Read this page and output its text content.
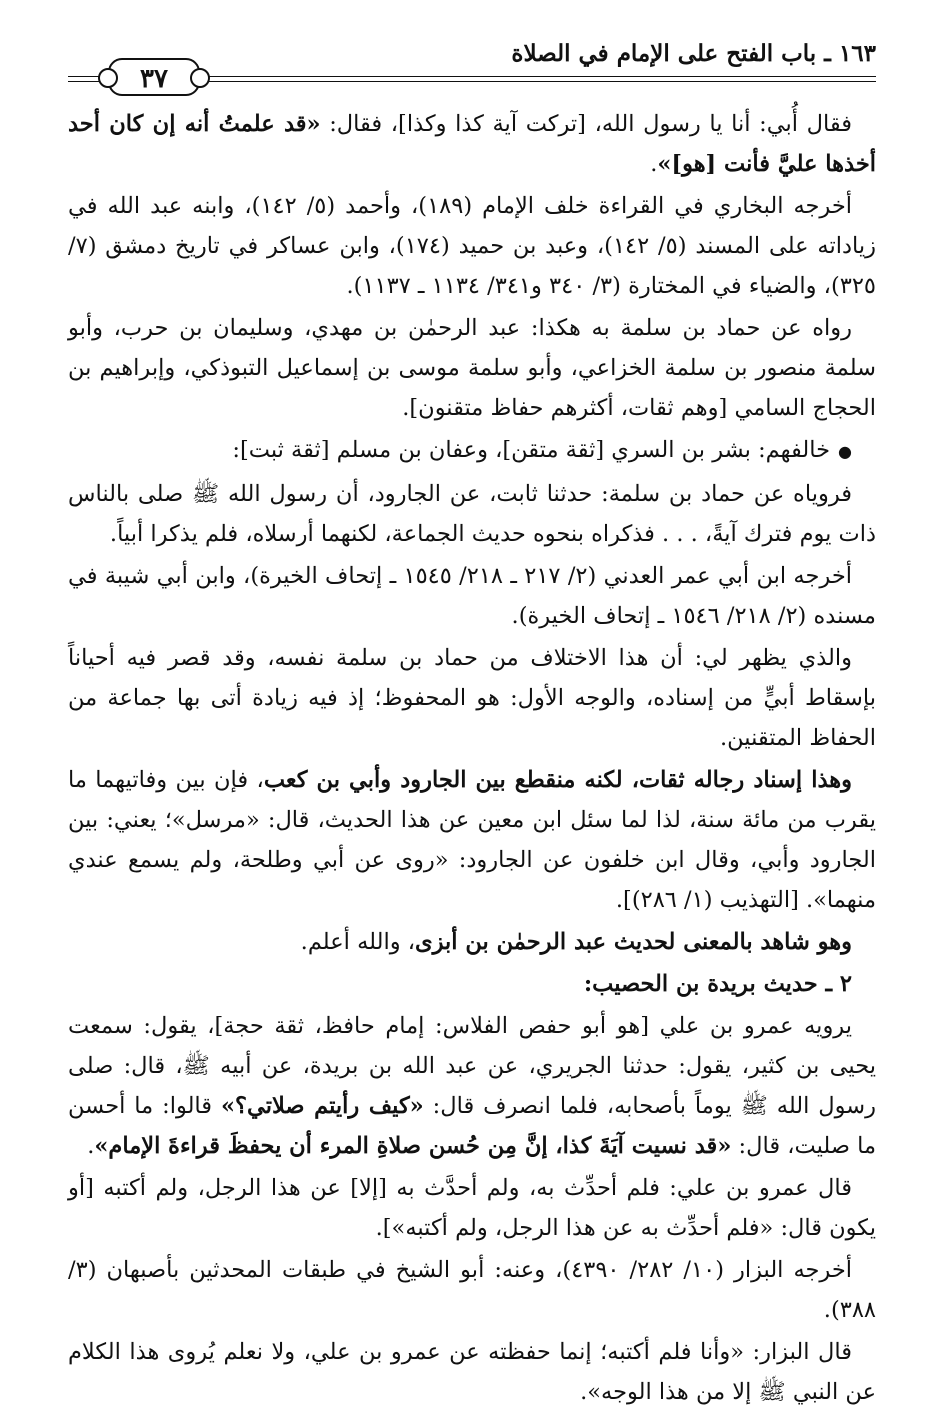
١٦٣ ـ باب الفتح على الإمام في الصلاة
٣٧

فقال أُبي: أنا يا رسول الله، [تركت آية كذا وكذا]، فقال: «قد علمتُ أنه إن كان أحد أخذها عليَّ فأنت [هو]».

أخرجه البخاري في القراءة خلف الإمام (١٨٩)، وأحمد (٥/ ١٤٢)، وابنه عبد الله في زياداته على المسند (٥/ ١٤٢)، وعبد بن حميد (١٧٤)، وابن عساكر في تاريخ دمشق (٧/ ٣٢٥)، والضياء في المختارة (٣/ ٣٤٠ و٣٤١/ ١١٣٤ ـ ١١٣٧).

رواه عن حماد بن سلمة به هكذا: عبد الرحمٰن بن مهدي، وسليمان بن حرب، وأبو سلمة منصور بن سلمة الخزاعي، وأبو سلمة موسى بن إسماعيل التبوذكي، وإبراهيم بن الحجاج السامي [وهم ثقات، أكثرهم حفاظ متقنون].

●خالفهم: بشر بن السري [ثقة متقن]، وعفان بن مسلم [ثقة ثبت]:

فروياه عن حماد بن سلمة: حدثنا ثابت، عن الجارود، أن رسول الله ﷺ صلى بالناس ذات يوم فترك آيةً، . . . فذكراه بنحوه حديث الجماعة، لكنهما أرسلاه، فلم يذكرا أبياً.

أخرجه ابن أبي عمر العدني (٢/ ٢١٧ ـ ٢١٨/ ١٥٤٥ ـ إتحاف الخيرة)، وابن أبي شيبة في مسنده (٢/ ٢١٨/ ١٥٤٦ ـ إتحاف الخيرة).

والذي يظهر لي: أن هذا الاختلاف من حماد بن سلمة نفسه، وقد قصر فيه أحياناً بإسقاط أبيٍّ من إسناده، والوجه الأول: هو المحفوظ؛ إذ فيه زيادة أتى بها جماعة من الحفاظ المتقنين.

وهذا إسناد رجاله ثقات، لكنه منقطع بين الجارود وأبي بن كعب، فإن بين وفاتيهما ما يقرب من مائة سنة، لذا لما سئل ابن معين عن هذا الحديث، قال: «مرسل»؛ يعني: بين الجارود وأبي، وقال ابن خلفون عن الجارود: «روى عن أبي وطلحة، ولم يسمع عندي منهما». [التهذيب (١/ ٢٨٦)].

وهو شاهد بالمعنى لحديث عبد الرحمٰن بن أبزى، والله أعلم.

٢ ـ حديث بريدة بن الحصيب:

يرويه عمرو بن علي [هو أبو حفص الفلاس: إمام حافظ، ثقة حجة]، يقول: سمعت يحيى بن كثير، يقول: حدثنا الجريري، عن عبد الله بن بريدة، عن أبيه ﷺ، قال: صلى رسول الله ﷺ يوماً بأصحابه، فلما انصرف قال: «كيف رأيتم صلاتي؟» قالوا: ما أحسن ما صليت، قال: «قد نسيت آيَةَ كذا، إنَّ مِن حُسن صلاةِ المرء أن يحفظَ قراءةَ الإمام».

قال عمرو بن علي: فلم أحدِّث به، ولم أحدَّث به [إلا] عن هذا الرجل، ولم أكتبه [أو يكون قال: «فلم أحدِّث به عن هذا الرجل، ولم أكتبه»].

أخرجه البزار (١٠/ ٢٨٢/ ٤٣٩٠)، وعنه: أبو الشيخ في طبقات المحدثين بأصبهان (٣/ ٣٨٨).

قال البزار: «وأنا فلم أكتبه؛ إنما حفظته عن عمرو بن علي، ولا نعلم يُروى هذا الكلام عن النبي ﷺ إلا من هذا الوجه».
